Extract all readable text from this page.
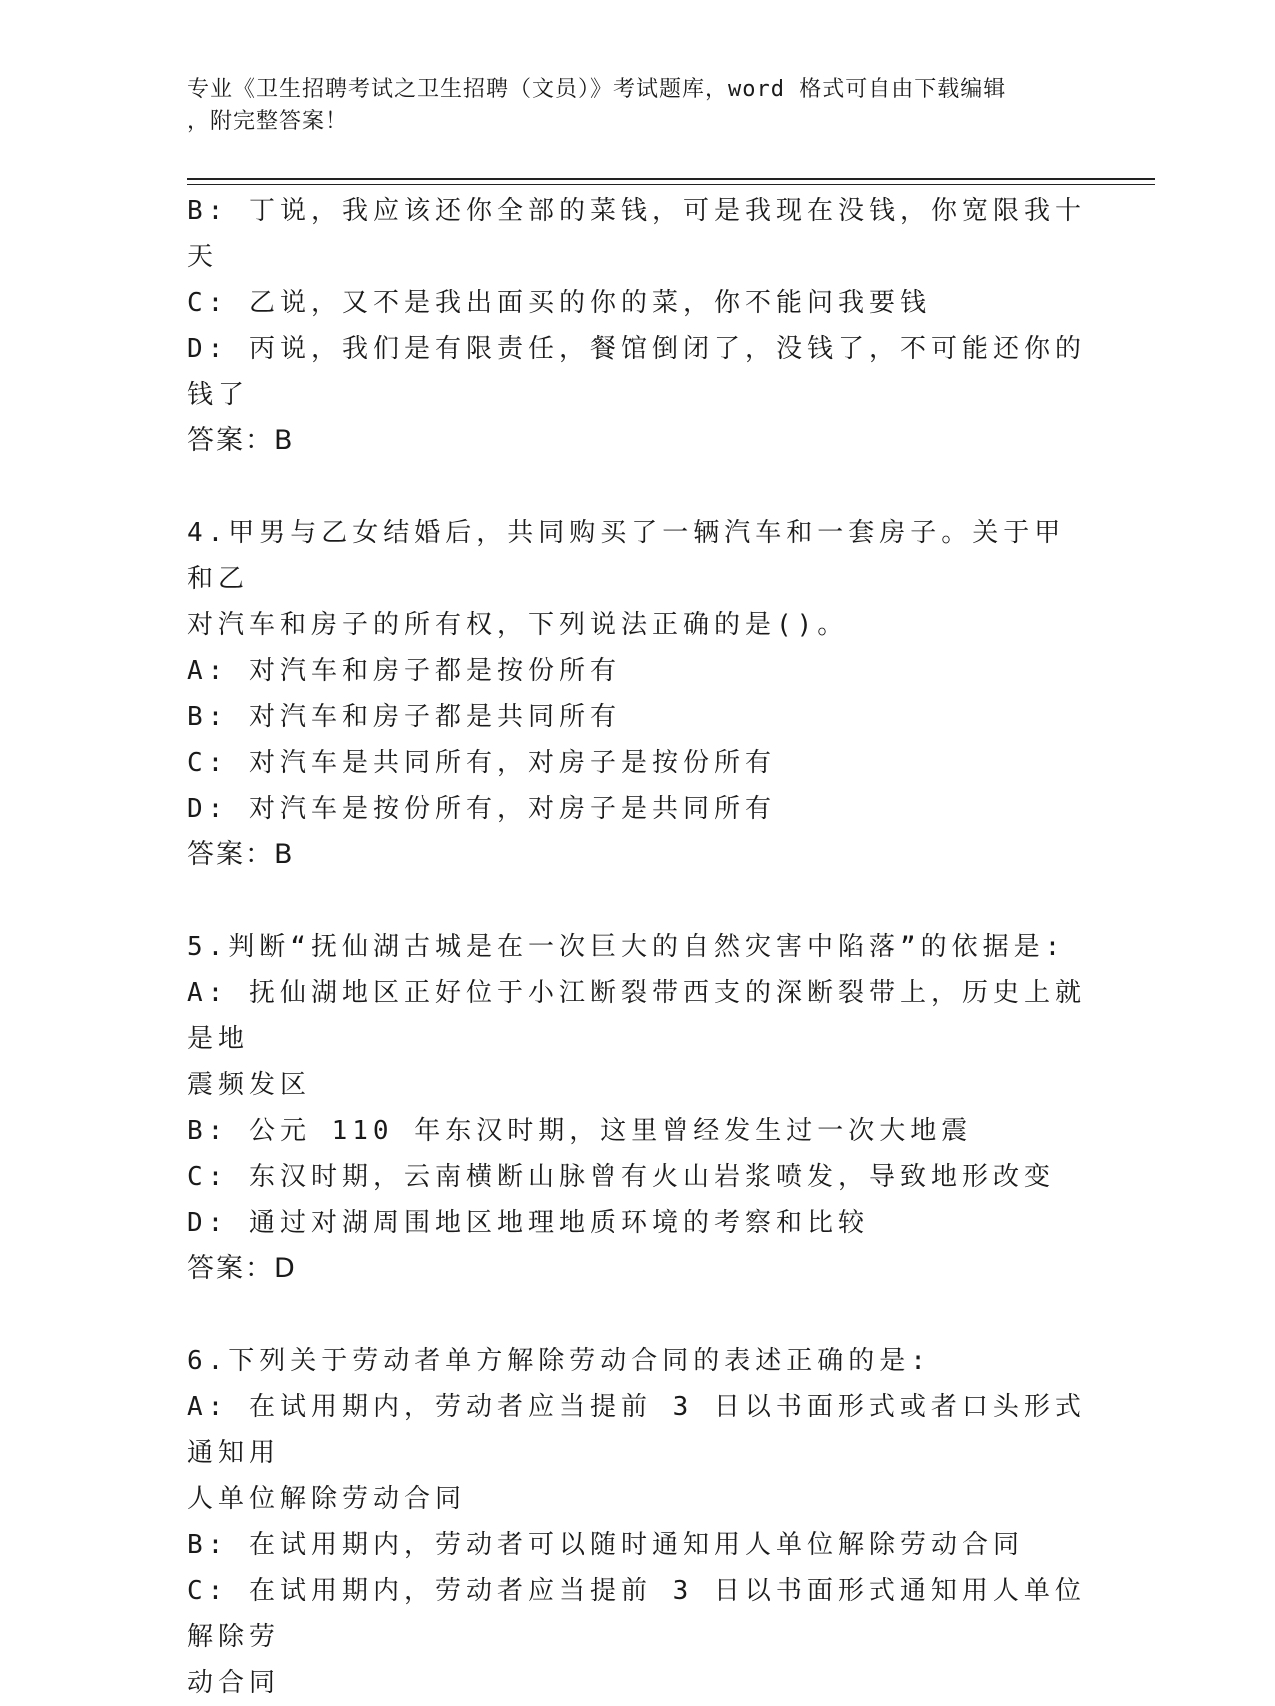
专业《卫生招聘考试之卫生招聘（文员）》考试题库，word 格式可自由下载编辑
，附完整答案！
B: 丁说，我应该还你全部的菜钱，可是我现在没钱，你宽限我十天
C: 乙说，又不是我出面买的你的菜，你不能问我要钱
D: 丙说，我们是有限责任，餐馆倒闭了，没钱了，不可能还你的钱了
答案：B
4.甲男与乙女结婚后，共同购买了一辆汽车和一套房子。关于甲和乙
对汽车和房子的所有权，下列说法正确的是()。
A: 对汽车和房子都是按份所有
B: 对汽车和房子都是共同所有
C: 对汽车是共同所有，对房子是按份所有
D: 对汽车是按份所有，对房子是共同所有
答案：B
5.判断“抚仙湖古城是在一次巨大的自然灾害中陷落”的依据是:
A: 抚仙湖地区正好位于小江断裂带西支的深断裂带上，历史上就是地
震频发区
B: 公元 110 年东汉时期，这里曾经发生过一次大地震
C: 东汉时期，云南横断山脉曾有火山岩浆喷发，导致地形改变
D: 通过对湖周围地区地理地质环境的考察和比较
答案：D
6.下列关于劳动者单方解除劳动合同的表述正确的是:
A: 在试用期内，劳动者应当提前 3 日以书面形式或者口头形式通知用
人单位解除劳动合同
B: 在试用期内，劳动者可以随时通知用人单位解除劳动合同
C: 在试用期内，劳动者应当提前 3 日以书面形式通知用人单位解除劳
动合同
